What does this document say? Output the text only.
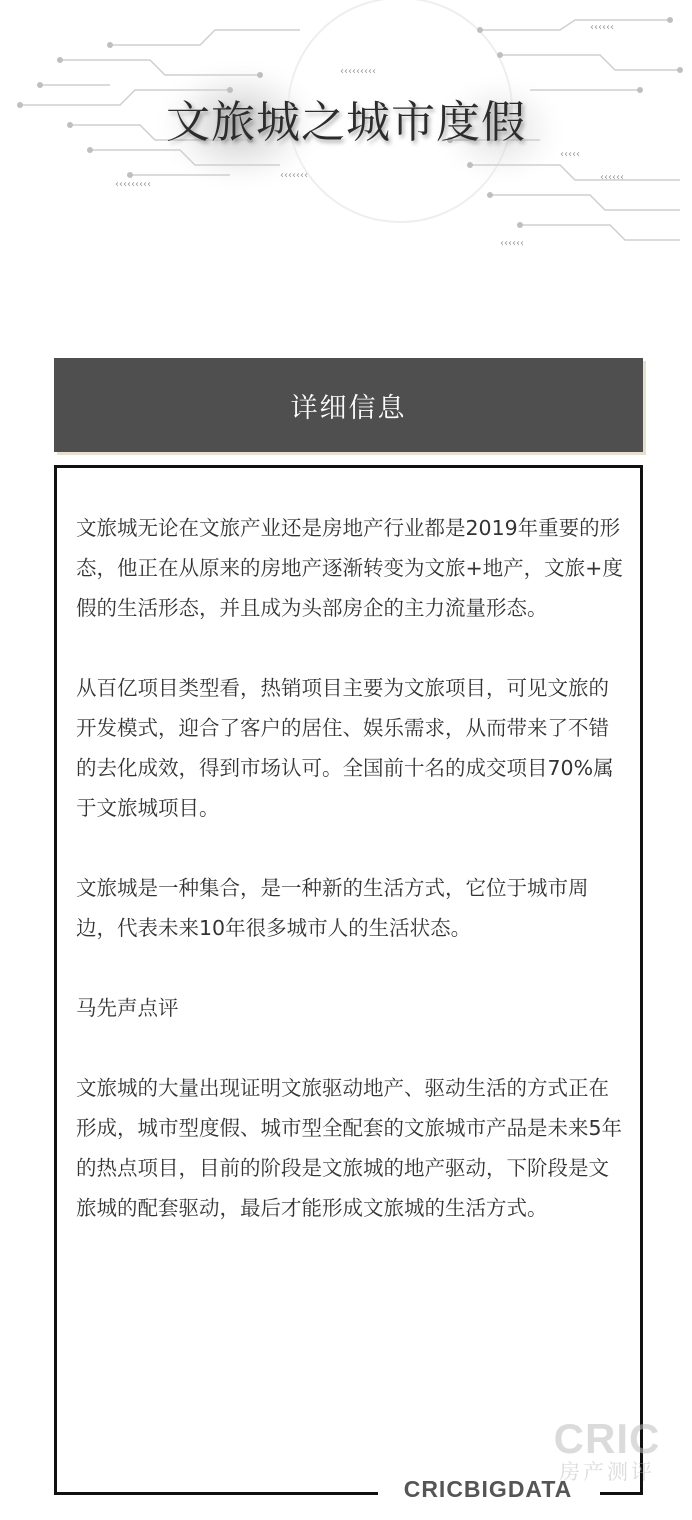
‹‹‹‹‹‹‹‹‹
‹‹‹‹‹‹‹‹‹
‹‹‹‹‹‹‹
‹‹‹‹‹‹
‹‹‹‹‹‹
‹‹‹‹‹‹
‹‹‹‹‹
文旅城之城市度假
详细信息

文旅城无论在文旅产业还是房地产行业都是2019年重要的形态，他正在从原来的房地产逐渐转变为文旅+地产，文旅+度假的生活形态，并且成为头部房企的主力流量形态。

从百亿项目类型看，热销项目主要为文旅项目，可见文旅的开发模式，迎合了客户的居住、娱乐需求，从而带来了不错的去化成效，得到市场认可。全国前十名的成交项目70%属于文旅城项目。

文旅城是一种集合，是一种新的生活方式，它位于城市周边，代表未来10年很多城市人的生活状态。

马先声点评

文旅城的大量出现证明文旅驱动地产、驱动生活的方式正在形成，城市型度假、城市型全配套的文旅城市产品是未来5年的热点项目，目前的阶段是文旅城的地产驱动，下阶段是文旅城的配套驱动，最后才能形成文旅城的生活方式。

CRICBIGDATA
CRIC
房产测评
